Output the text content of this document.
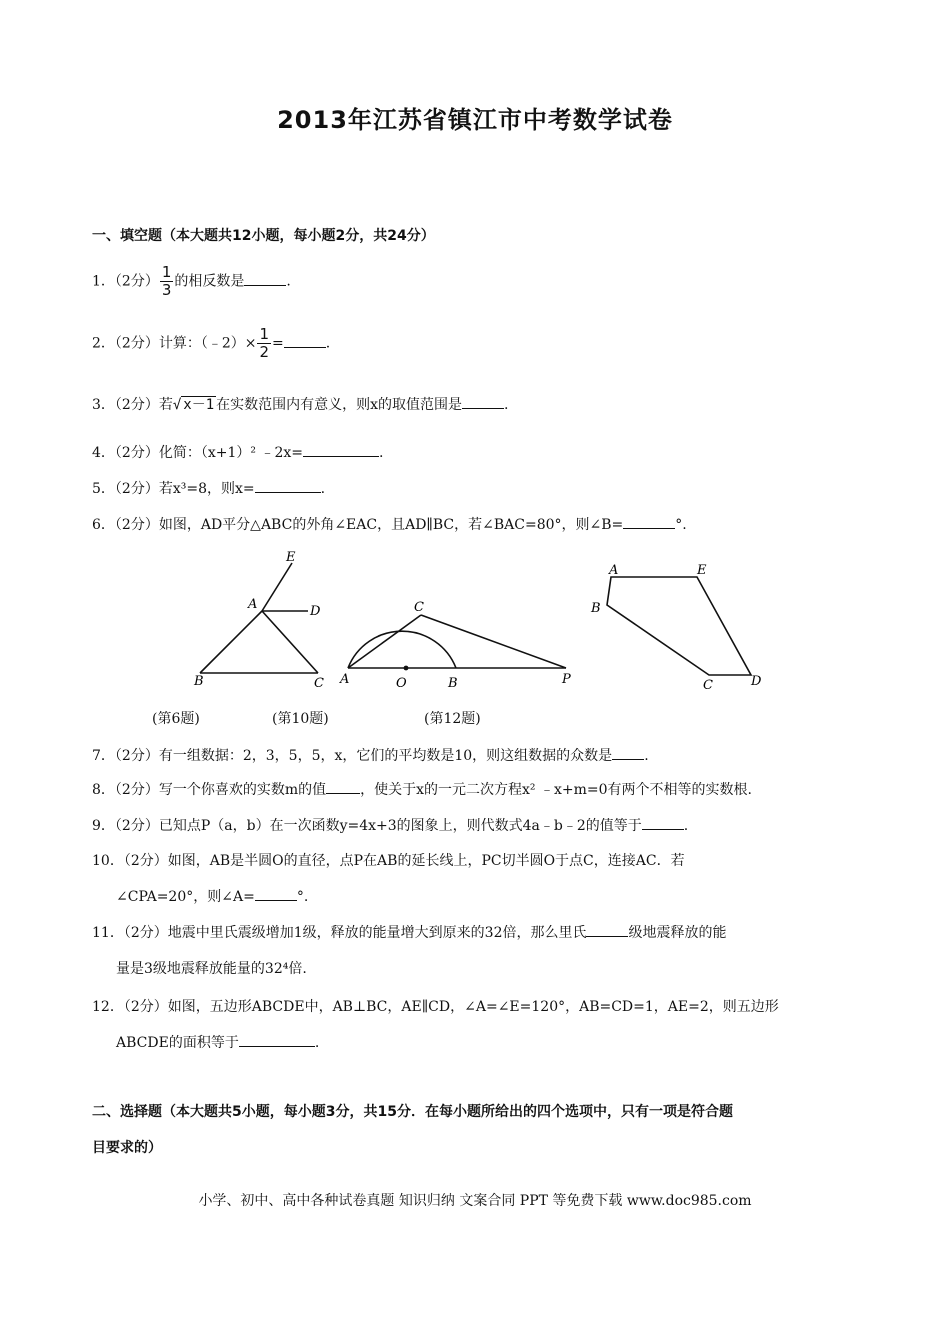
2013年江苏省镇江市中考数学试卷
一、填空题（本大题共12小题，每小题2分，共24分）
1．（2分） $\frac{1}{3}$ 的相反数是	.
2．（2分）计算：（﹣2）× $\frac{1}{2}$ =	.
3．（2分）若√ x－1 在实数范围内有意义，则x的取值范围是	.
4．（2分）化简：（x+1）² ﹣2x=	.
5．（2分）若x³=8，则x=	.
6．（2分）如图，AD平分△ABC的外角∠EAC，且AD∥BC，若∠BAC=80°，则∠B=	°.
E
A	D
B	C
C
A	O	B	P
A	E
B
C	D
(第6题)	(第10题)	(第12题)
7．（2分）有一组数据：2，3，5，5，x，它们的平均数是10，则这组数据的众数是 .
8．（2分）写一个你喜欢的实数m的值 ，使关于x的一元二次方程x² ﹣x+m=0有两个不相等的实数根.
9．（2分）已知点P（a，b）在一次函数y=4x+3的图象上，则代数式4a﹣b﹣2的值等于	.
10．（2分）如图，AB是半圆O的直径，点P在AB的延长线上，PC切半圆O于点C，连接AC．若
∠CPA=20°，则∠A=	°.
11．（2分）地震中里氏震级增加1级，释放的能量增大到原来的32倍，那么里氏	级地震释放的能
量是3级地震释放能量的32⁴倍.
12．（2分）如图，五边形ABCDE中，AB⊥BC，AE∥CD，∠A=∠E=120°，AB=CD=1，AE=2，则五边形
ABCDE的面积等于	.
二、选择题（本大题共5小题，每小题3分，共15分．在每小题所给出的四个选项中，只有一项是符合题
目要求的）
小学、初中、高中各种试卷真题 知识归纳 文案合同 PPT 等免费下载 www.doc985.com
